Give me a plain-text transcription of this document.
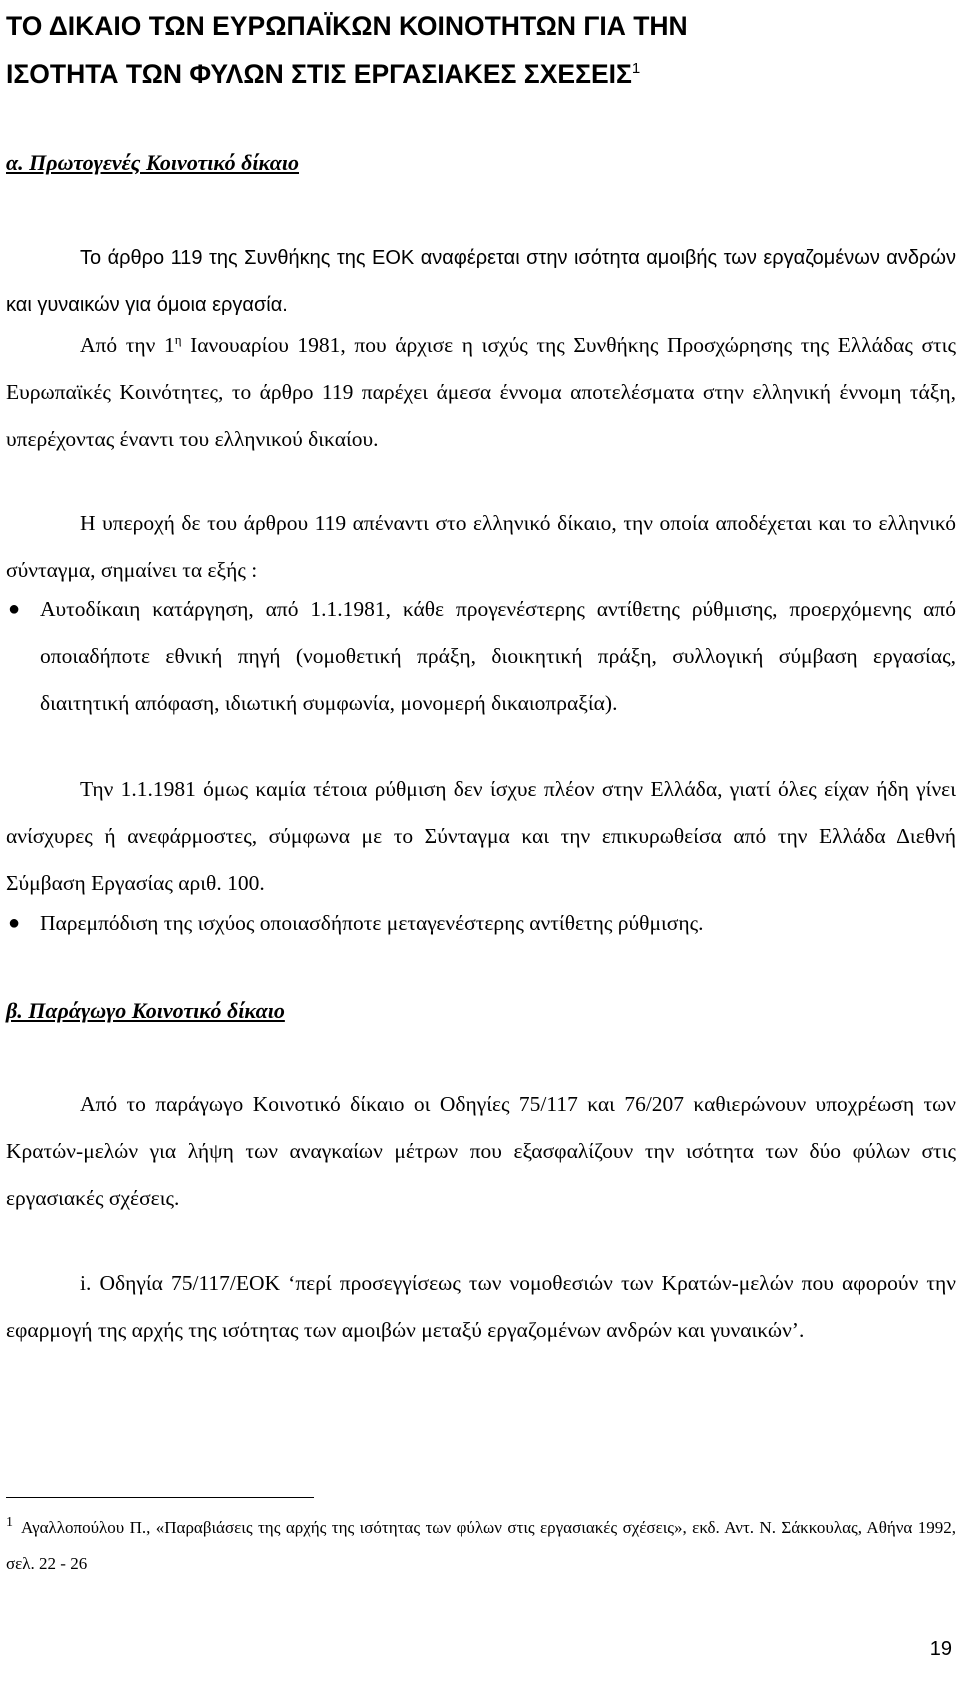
ΤΟ ΔΙΚΑΙΟ ΤΩΝ ΕΥΡΩΠΑΪΚΩΝ ΚΟΙΝΟΤΗΤΩΝ ΓΙΑ ΤΗΝ
ΙΣΟΤΗΤΑ ΤΩΝ ΦΥΛΩΝ ΣΤΙΣ ΕΡΓΑΣΙΑΚΕΣ ΣΧΕΣΕΙΣ$^1$
α. Πρωτογενές Κοινοτικό δίκαιο

Το άρθρο 119 της Συνθήκης της ΕΟΚ αναφέρεται στην ισότητα αμοιβής των εργαζομένων ανδρών και γυναικών για όμοια εργασία.

Από την $1^\eta$ Ιανουαρίου 1981, που άρχισε η ισχύς της Συνθήκης Προσχώρησης της Ελλάδας στις Ευρωπαϊκές Κοινότητες, το άρθρο 119 παρέχει άμεσα έννομα αποτελέσματα στην ελληνική έννομη τάξη, υπερέχοντας έναντι του ελληνικού δικαίου.

Η υπεροχή δε του άρθρου 119 απέναντι στο ελληνικό δίκαιο, την οποία αποδέχεται και το ελληνικό σύνταγμα, σημαίνει τα εξής :

● Αυτοδίκαιη κατάργηση, από 1.1.1981, κάθε προγενέστερης αντίθετης ρύθμισης, προερχόμενης από οποιαδήποτε εθνική πηγή (νομοθετική πράξη, διοικητική πράξη, συλλογική σύμβαση εργασίας, διαιτητική απόφαση, ιδιωτική συμφωνία, μονομερή δικαιοπραξία).

Την 1.1.1981 όμως καμία τέτοια ρύθμιση δεν ίσχυε πλέον στην Ελλάδα, γιατί όλες είχαν ήδη γίνει ανίσχυρες ή ανεφάρμοστες, σύμφωνα με το Σύνταγμα και την επικυρωθείσα από την Ελλάδα Διεθνή Σύμβαση Εργασίας αριθ. 100.

● Παρεμπόδιση της ισχύος οποιασδήποτε μεταγενέστερης αντίθετης ρύθμισης.

β. Παράγωγο Κοινοτικό δίκαιο

Από το παράγωγο Κοινοτικό δίκαιο οι Οδηγίες 75/117 και 76/207 καθιερώνουν υποχρέωση των Κρατών-μελών για λήψη των αναγκαίων μέτρων που εξασφαλίζουν την ισότητα των δύο φύλων στις εργασιακές σχέσεις.

i. Οδηγία 75/117/ΕΟΚ ‘περί προσεγγίσεως των νομοθεσιών των Κρατών-μελών που αφορούν την εφαρμογή της αρχής της ισότητας των αμοιβών μεταξύ εργαζομένων ανδρών και γυναικών’.

$^1$ Αγαλλοπούλου Π., «Παραβιάσεις της αρχής της ισότητας των φύλων στις εργασιακές σχέσεις», εκδ. Αντ. Ν. Σάκκουλας, Αθήνα 1992, σελ. 22 - 26

19
